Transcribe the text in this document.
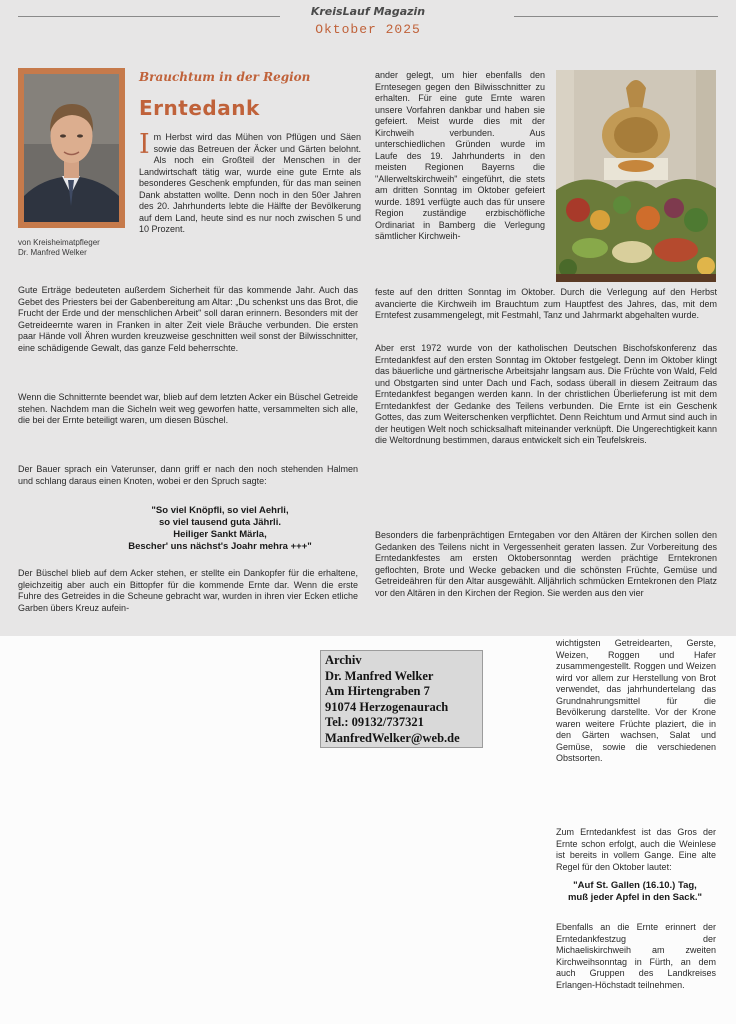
KreisLauf Magazin
Oktober 2025
von Kreisheimatpfleger
Dr. Manfred Welker
Brauchtum in der Region
Erntedank
Im Herbst wird das Mühen von Pflügen und Säen sowie das Betreuen der Äcker und Gärten belohnt. Als noch ein Großteil der Menschen in der Landwirtschaft tätig war, wurde eine gute Ernte als besonderes Geschenk empfunden, für das man seinen Dank abstatten wollte. Denn noch in den 50er Jahren des 20. Jahrhunderts lebte die Hälfte der Bevölkerung auf dem Land, heute sind es nur noch zwischen 5 und 10 Prozent.

Gute Erträge bedeuteten außerdem Sicherheit für das kommende Jahr. Auch das Gebet des Priesters bei der Gabenbereitung am Altar: „Du schenkst uns das Brot, die Frucht der Erde und der menschlichen Arbeit" soll daran erinnern. Besonders mit der Getreideernte waren in Franken in alter Zeit viele Bräuche verbunden. Die ersten paar Hände voll Ähren wurden kreuzweise geschnitten weil sonst der Bilwisschnitter, eine schädigende Gewalt, das ganze Feld beherrschte.

Wenn die Schnitternte beendet war, blieb auf dem letzten Acker ein Büschel Getreide stehen. Nachdem man die Sicheln weit weg geworfen hatte, versammelten sich alle, die bei der Ernte beteiligt waren, um diesen Büschel.

Der Bauer sprach ein Vaterunser, dann griff er nach den noch stehenden Halmen und schlang daraus einen Knoten, wobei er den Spruch sagte:

"So viel Knöpfli, so viel Aehrli,
so viel tausend guta Jährli.
Heiliger Sankt Märla,
Bescher' uns nächst's Joahr mehra +++"

Der Büschel blieb auf dem Acker stehen, er stellte ein Dankopfer für die erhaltene, gleichzeitig aber auch ein Bittopfer für die kommende Ernte dar. Wenn die erste Fuhre des Getreides in die Scheune gebracht war, wurden in ihren vier Ecken etliche Garben übers Kreuz aufein-

ander gelegt, um hier ebenfalls den Erntesegen gegen den Bilwisschnitter zu erhalten. Für eine gute Ernte waren unsere Vorfahren dankbar und haben sie gefeiert. Meist wurde dies mit der Kirchweih verbunden. Aus unterschiedlichen Gründen wurde im Laufe des 19. Jahrhunderts in den meisten Regionen Bayerns die "Allerweltskirchweih" eingeführt, die stets am dritten Sonntag im Oktober gefeiert wurde. 1891 verfügte auch das für unsere Region zuständige erzbischöfliche Ordinariat in Bamberg die Verlegung sämtlicher Kirchweih-

feste auf den dritten Sonntag im Oktober. Durch die Verlegung auf den Herbst avancierte die Kirchweih im Brauchtum zum Hauptfest des Jahres, das, mit dem Erntefest zusammengelegt, mit Festmahl, Tanz und Jahrmarkt abgehalten wurde.

Aber erst 1972 wurde von der katholischen Deutschen Bischofskonferenz das Erntedankfest auf den ersten Sonntag im Oktober festgelegt. Denn im Oktober klingt das bäuerliche und gärtnerische Arbeitsjahr langsam aus. Die Früchte von Wald, Feld und Obstgarten sind unter Dach und Fach, sodass überall in diesem Zeitraum das Erntedankfest begangen werden kann. In der christlichen Überlieferung ist mit dem Erntedankfest der Gedanke des Teilens verbunden. Die Ernte ist ein Geschenk Gottes, das zum Weiterschenken verpflichtet. Denn Reichtum und Armut sind auch in der heutigen Welt noch schicksalhaft miteinander verknüpft. Die Ungerechtigkeit kann die Weltordnung bestimmen, daraus entwickelt sich ein Teufelskreis.

Besonders die farbenprächtigen Erntegaben vor den Altären der Kirchen sollen den Gedanken des Teilens nicht in Vergessenheit geraten lassen. Zur Vorbereitung des Erntedankfestes am ersten Oktobersonntag werden prächtige Erntekronen geflochten, Brote und Wecke gebacken und die schönsten Früchte, Gemüse und Getreideähren für den Altar ausgewählt. Alljährlich schmücken Erntekronen den Platz vor den Altären in den Kirchen der Region. Sie werden aus den vier

Archiv
Dr. Manfred Welker
Am Hirtengraben 7
91074 Herzogenaurach
Tel.: 09132/737321
ManfredWelker@web.de

wichtigsten Getreidearten, Gerste, Weizen, Roggen und Hafer zusammengestellt. Roggen und Weizen wird vor allem zur Herstellung von Brot verwendet, das jahrhundertelang das Grundnahrungsmittel für die Bevölkerung darstellte. Vor der Krone waren weitere Früchte plaziert, die in den Gärten wachsen, Salat und Gemüse, sowie die verschiedenen Obstsorten.

Zum Erntedankfest ist das Gros der Ernte schon erfolgt, auch die Weinlese ist bereits in vollem Gange. Eine alte Regel für den Oktober lautet:

"Auf St. Gallen (16.10.) Tag,
muß jeder Apfel in den Sack."

Ebenfalls an die Ernte erinnert der Erntedankfestzug der Michaeliskirchweih am zweiten Kirchweihsonntag in Fürth, an dem auch Gruppen des Landkreises Erlangen-Höchstadt teilnehmen.
